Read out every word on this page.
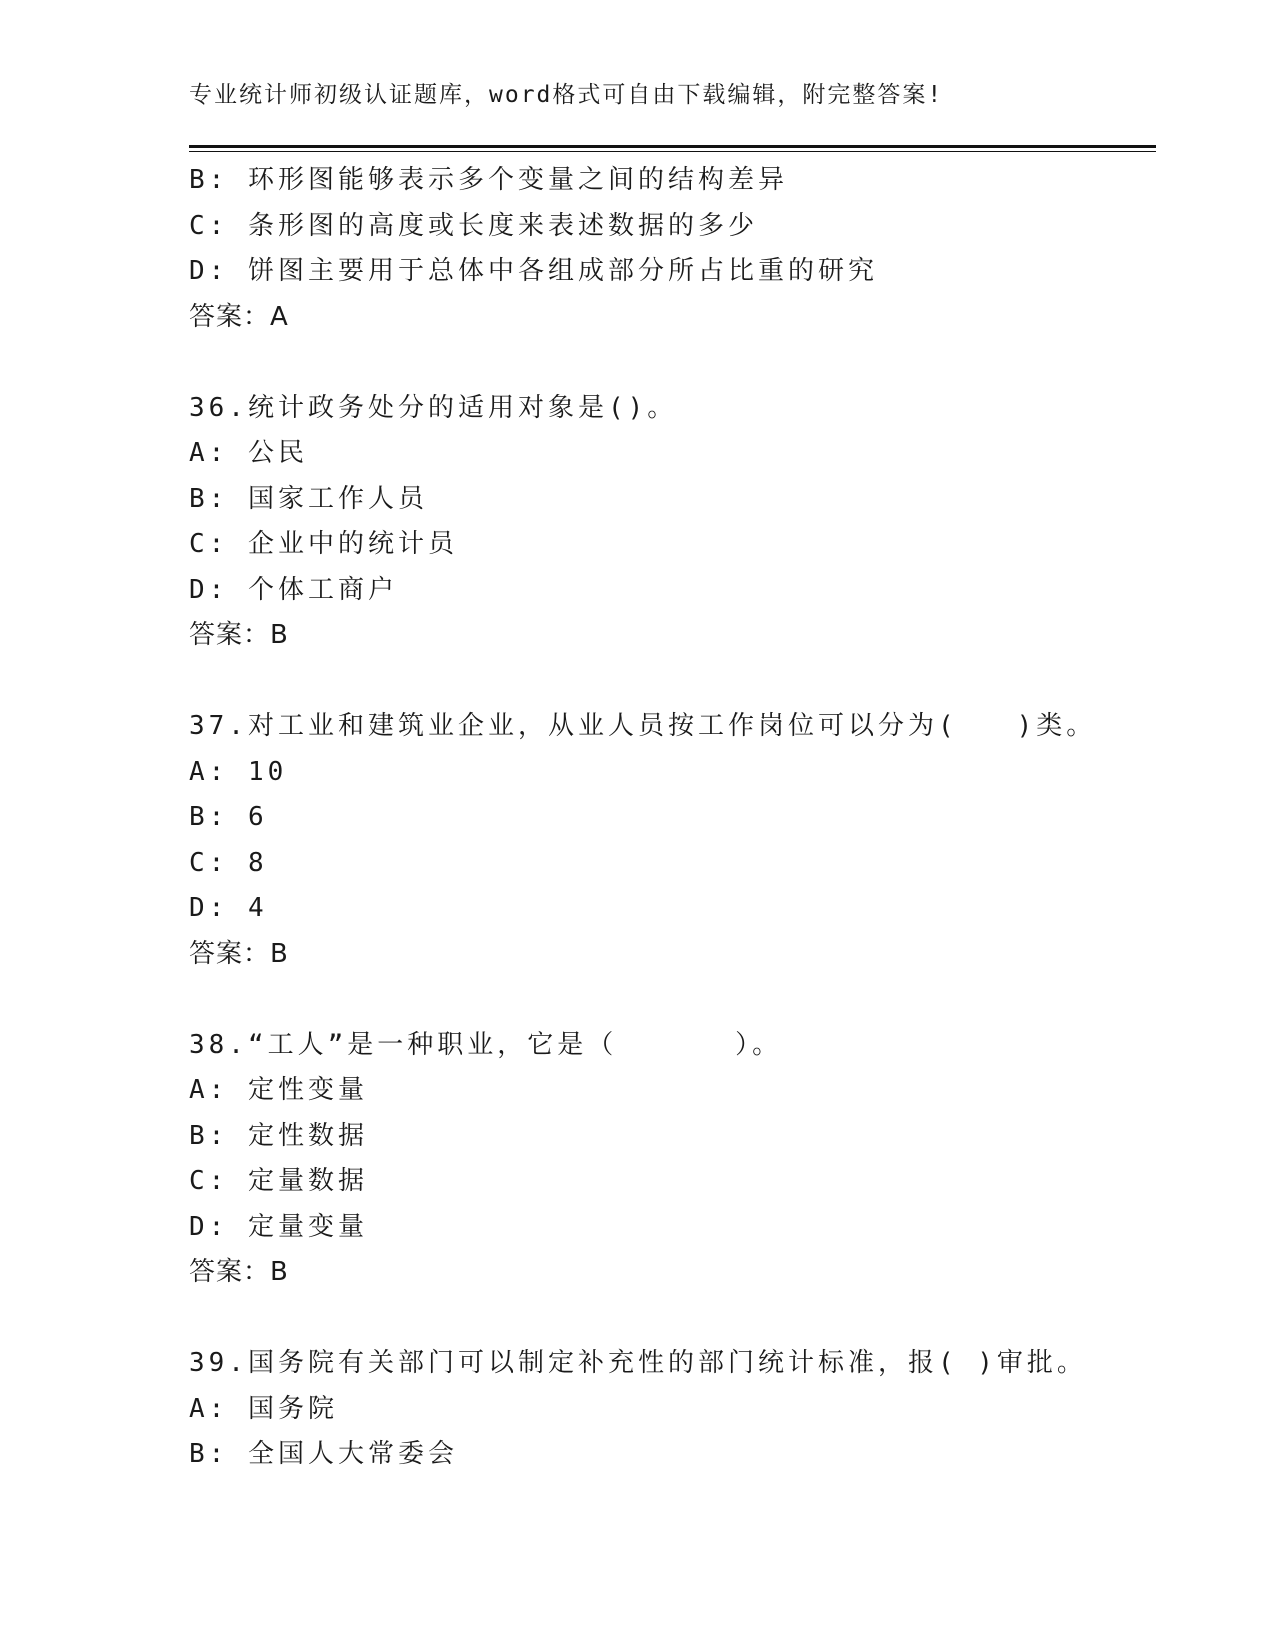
专业统计师初级认证题库，word格式可自由下载编辑，附完整答案!
B: 环形图能够表示多个变量之间的结构差异
C: 条形图的高度或长度来表述数据的多少
D: 饼图主要用于总体中各组成部分所占比重的研究
答案：A
36.统计政务处分的适用对象是()。
A: 公民
B: 国家工作人员
C: 企业中的统计员
D: 个体工商户
答案：B
37.对工业和建筑业企业，从业人员按工作岗位可以分为(   )类。
A: 10
B: 6
C: 8
D: 4
答案：B
38.“工人”是一种职业，它是（      ）。
A: 定性变量
B: 定性数据
C: 定量数据
D: 定量变量
答案：B
39.国务院有关部门可以制定补充性的部门统计标准，报( )审批。
A: 国务院
B: 全国人大常委会
